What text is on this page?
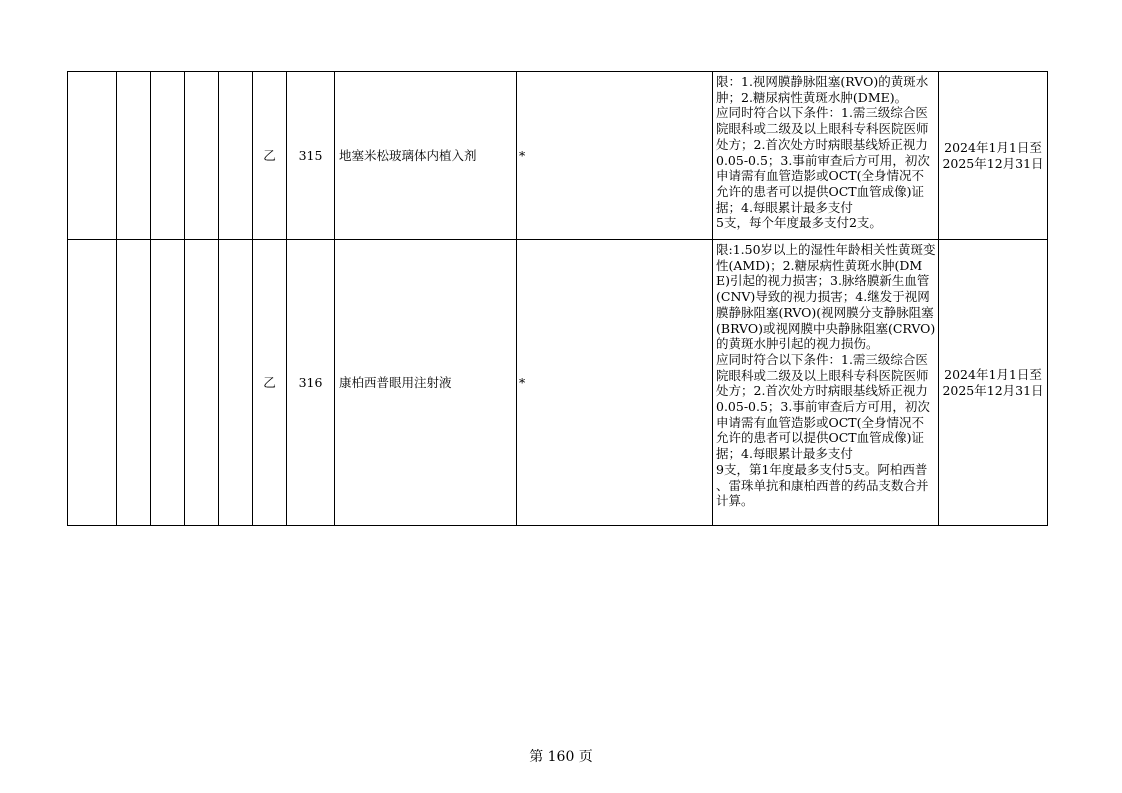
					乙	315	地塞米松玻璃体内植入剂	*	限：1.视网膜静脉阻塞(RVO)的黄斑水肿；2.糖尿病性黄斑水肿(DME)。
应同时符合以下条件：1.需三级综合医院眼科或二级及以上眼科专科医院医师处方；2.首次处方时病眼基线矫正视力0.05-0.5；3.事前审查后方可用，初次申请需有血管造影或OCT(全身情况不允许的患者可以提供OCT血管成像)证据；4.每眼累计最多支付
5支，每个年度最多支付2支。	2024年1月1日至
2025年12月31日
					乙	316	康柏西普眼用注射液	*	限:1.50岁以上的湿性年龄相关性黄斑变性(AMD)；2.糖尿病性黄斑水肿(DME)引起的视力损害；3.脉络膜新生血管(CNV)导致的视力损害；4.继发于视网膜静脉阻塞(RVO)(视网膜分支静脉阻塞(BRVO)或视网膜中央静脉阻塞(CRVO)的黄斑水肿引起的视力损伤。
应同时符合以下条件：1.需三级综合医院眼科或二级及以上眼科专科医院医师处方；2.首次处方时病眼基线矫正视力0.05-0.5；3.事前审查后方可用，初次申请需有血管造影或OCT(全身情况不允许的患者可以提供OCT血管成像)证据；4.每眼累计最多支付
9支，第1年度最多支付5支。阿柏西普
、雷珠单抗和康柏西普的药品支数合并计算。	2024年1月1日至
2025年12月31日
第 160 页
